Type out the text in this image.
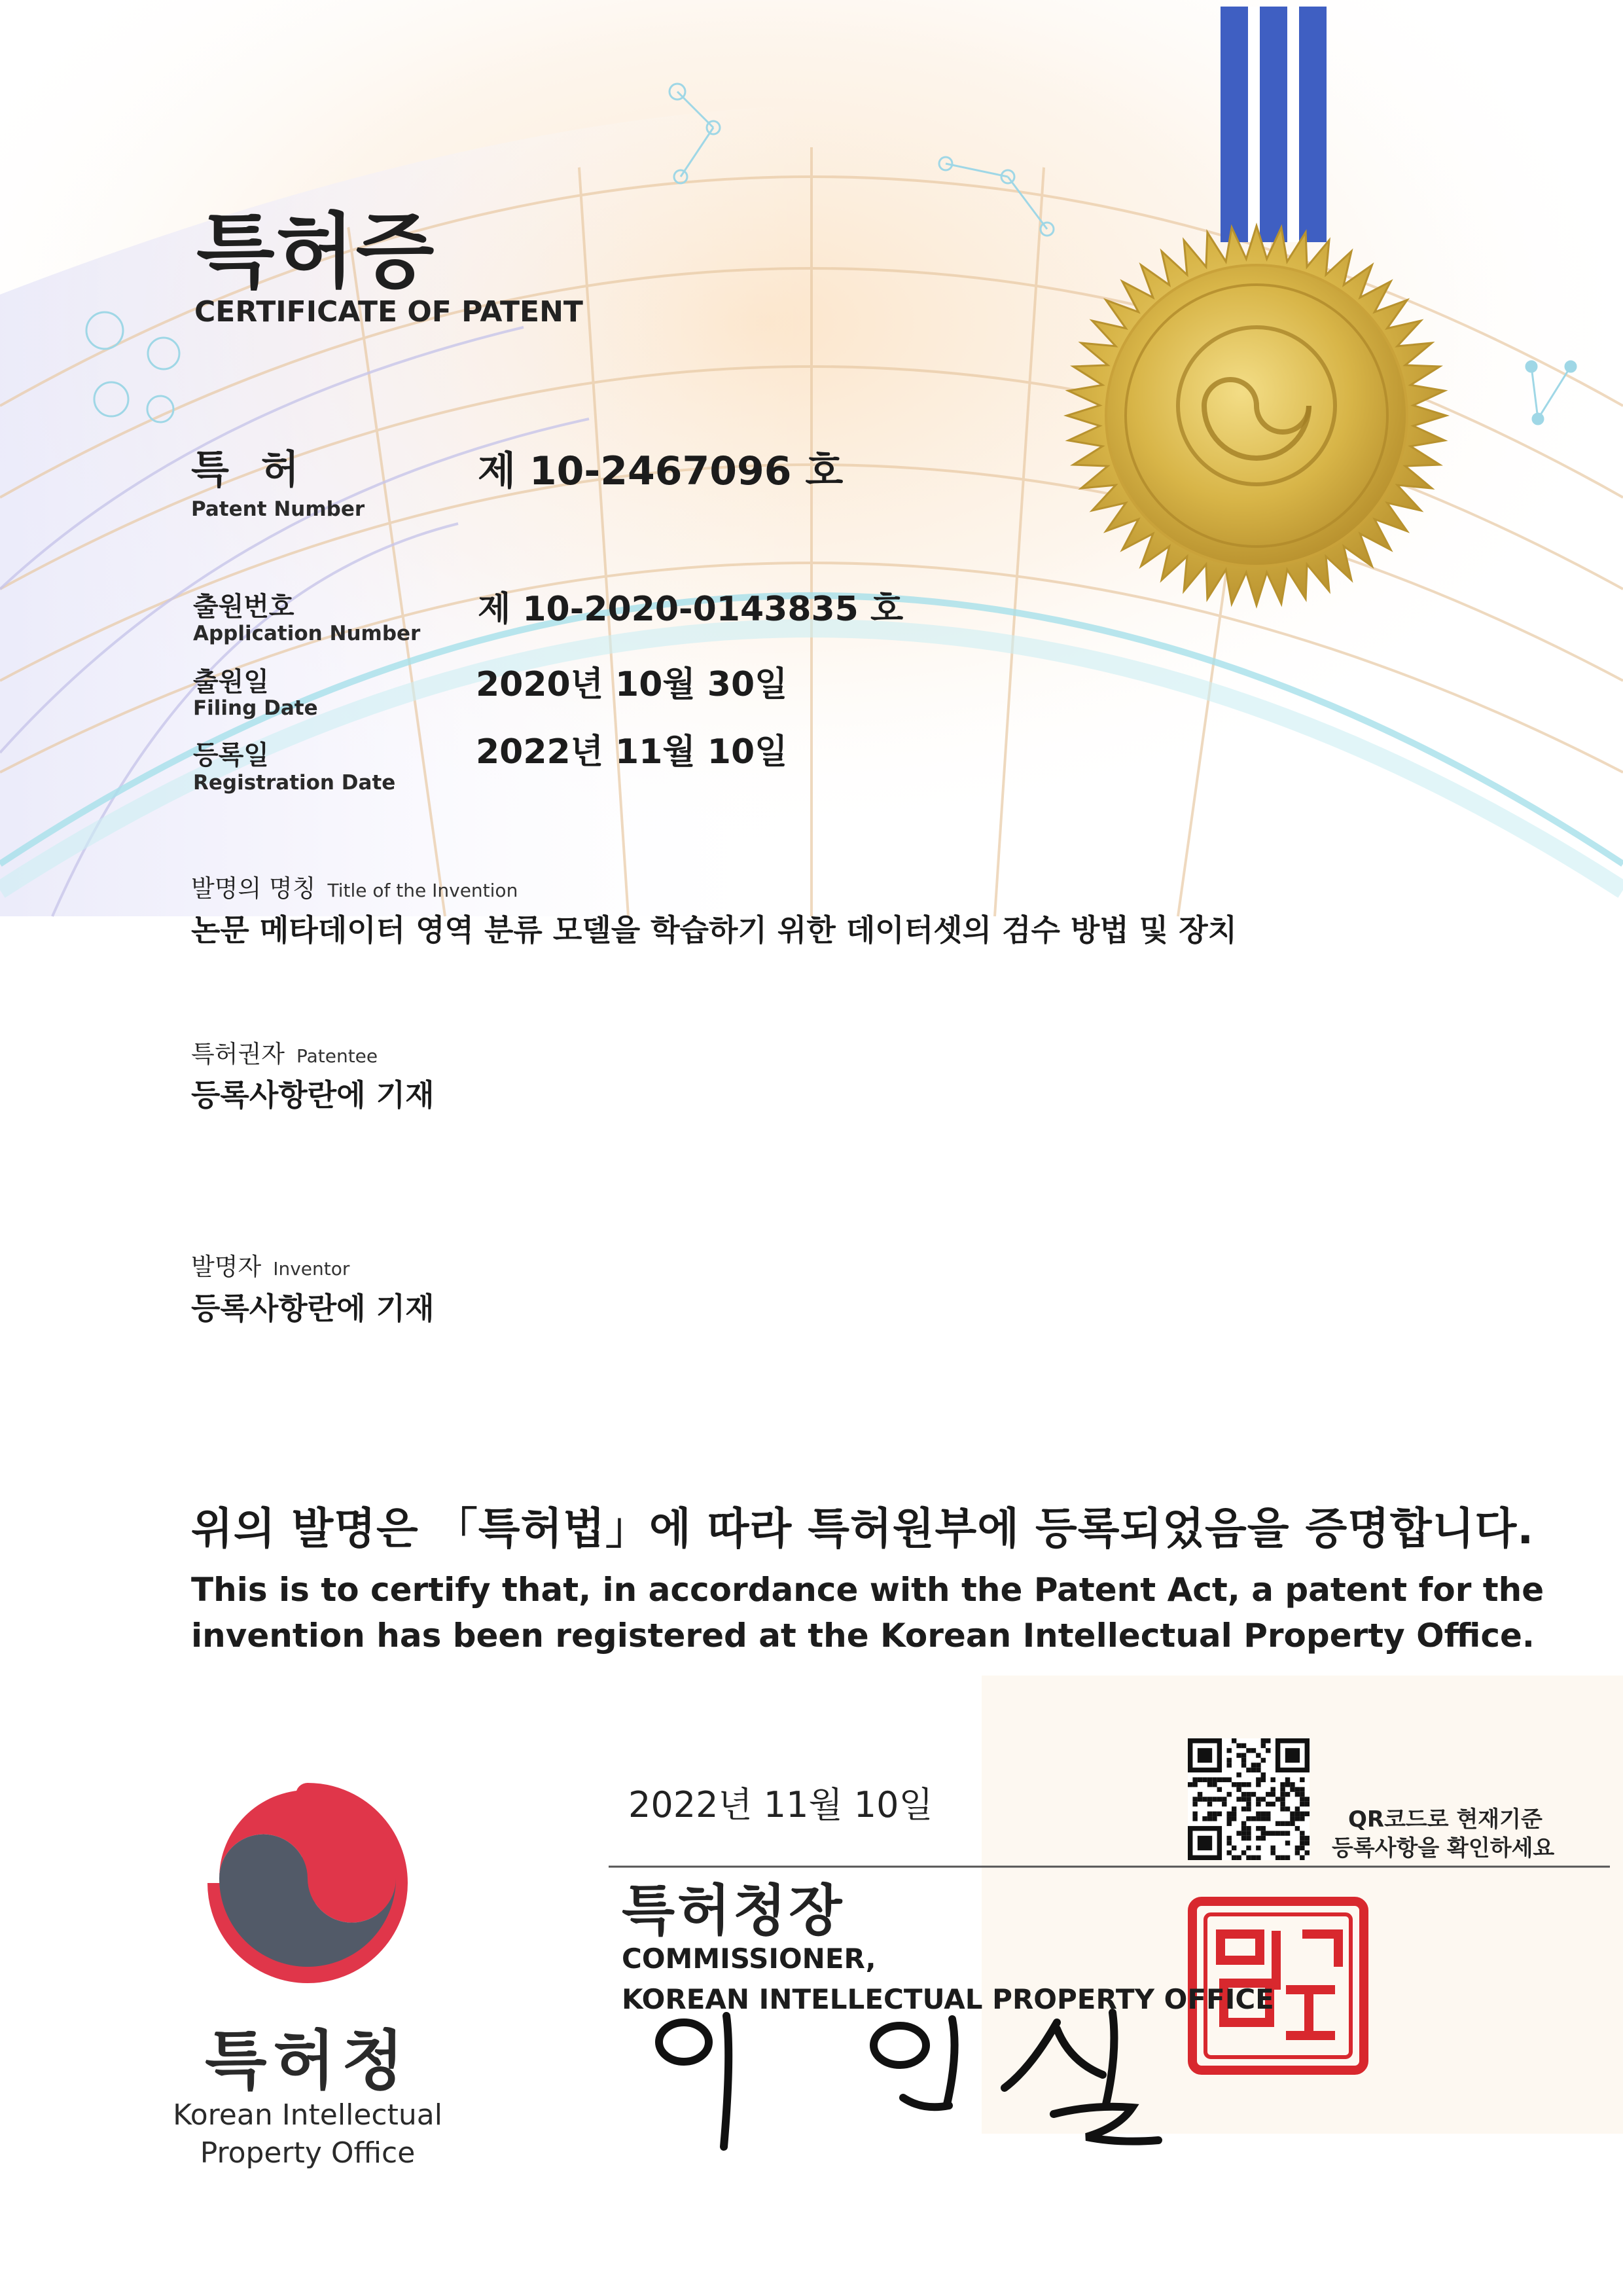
특허증
CERTIFICATE OF PATENT
특 허
Patent Number
제 10-2467096 호
출원번호
Application Number
제 10-2020-0143835 호
출원일
Filing Date
2020년 10월 30일
등록일
Registration Date
2022년 11월 10일
발명의 명칭 Title of the Invention
논문 메타데이터 영역 분류 모델을 학습하기 위한 데이터셋의 검수 방법 및 장치
특허권자 Patentee
등록사항란에 기재
발명자 Inventor
등록사항란에 기재
위의 발명은 「특허법」에 따라 특허원부에 등록되었음을 증명합니다.
This is to certify that, in accordance with the Patent Act, a patent for the
invention has been registered at the Korean Intellectual Property Office.
2022년 11월 10일	QR코드로 현재기준
등록사항을 확인하세요
특허청장
COMMISSIONER,
KOREAN INTELLECTUAL PROPERTY OFFICE
특허청
Korean Intellectual
Property Office
